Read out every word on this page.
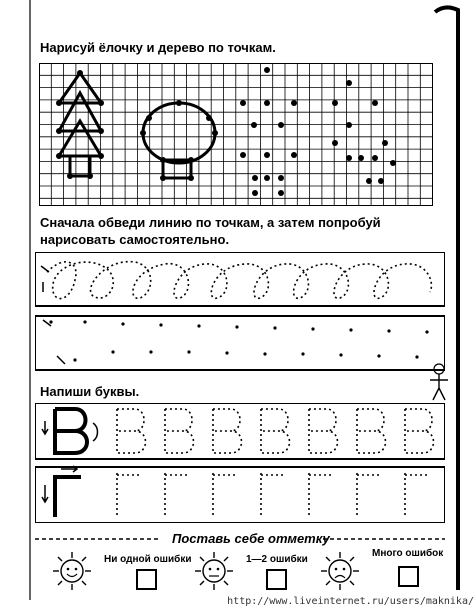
Нарисуй ёлочку и дерево по точкам.
Сначала обведи линию по точкам, а затем попробуй
нарисовать самостоятельно.
Напиши буквы.
Поставь себе отметку
Ни одной ошибки	1—2 ошибки
Много ошибок
http://www.liveinternet.ru/users/maknika/
